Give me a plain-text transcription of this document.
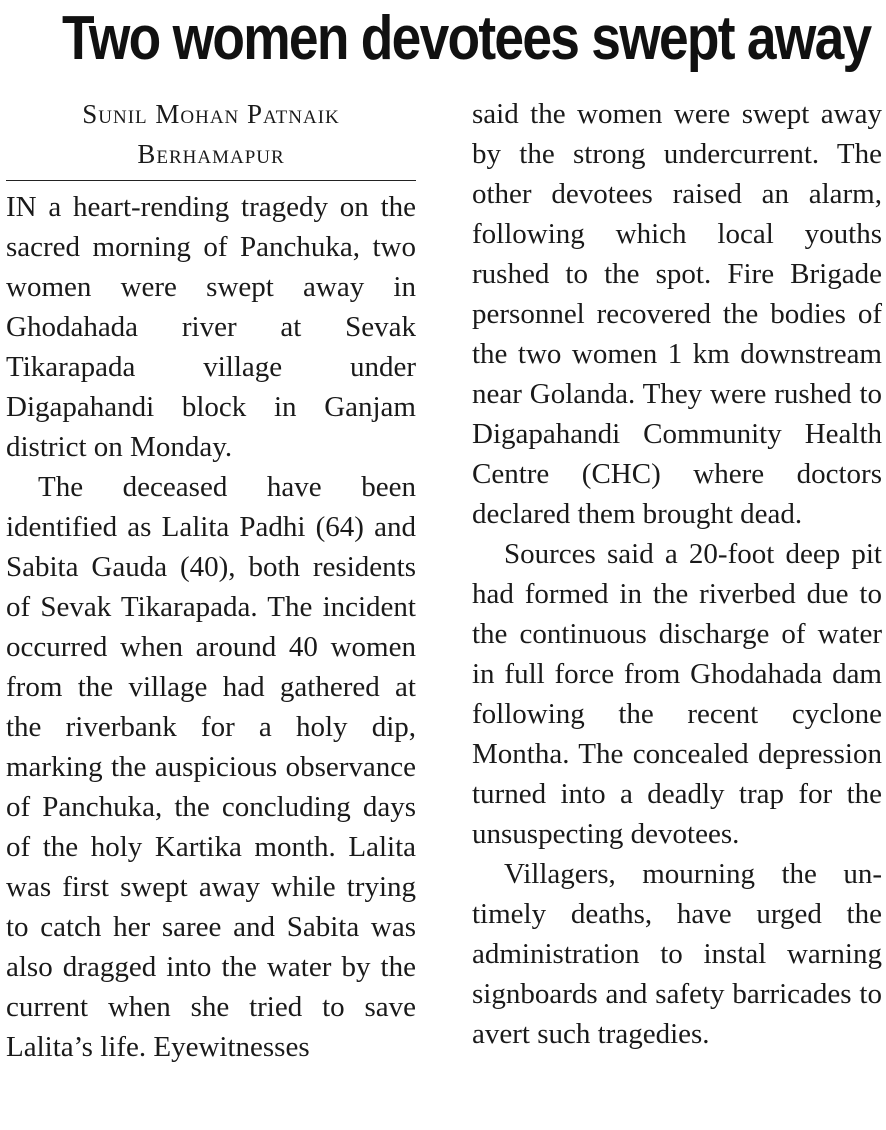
Two women devotees swept away
Sunil Mohan Patnaik
Berhamapur

IN a heart-rending tragedy on the sacred morning of Panchuka, two women were swept away in Ghodahada river at Sevak Tikarapada village under Digapahandi block in Ganjam district on Monday.

The deceased have been identified as Lalita Padhi (64) and Sabita Gauda (40), both residents of Sevak Tikarapada. The incident occurred when around 40 women from the village had gathered at the riverbank for a holy dip, marking the auspicious observance of Panchuka, the concluding days of the holy Kartika month. Lalita was first swept away while trying to catch her saree and Sabita was also dragged into the water by the current when she tried to save Lalita’s life. Eyewitnesses

said the women were swept away by the strong undercurrent. The other devotees raised an alarm, following which local youths rushed to the spot. Fire Brigade personnel recovered the bodies of the two women 1 km downstream near Golanda. They were rushed to Digapahandi Community Health Centre (CHC) where doctors declared them brought dead.

Sources said a 20-foot deep pit had formed in the riverbed due to the continuous discharge of water in full force from Ghodahada dam following the recent cyclone Montha. The concealed depression turned into a deadly trap for the unsuspecting devotees.

Villagers, mourning the untimely deaths, have urged the administration to instal warning signboards and safety barricades to avert such tragedies.
